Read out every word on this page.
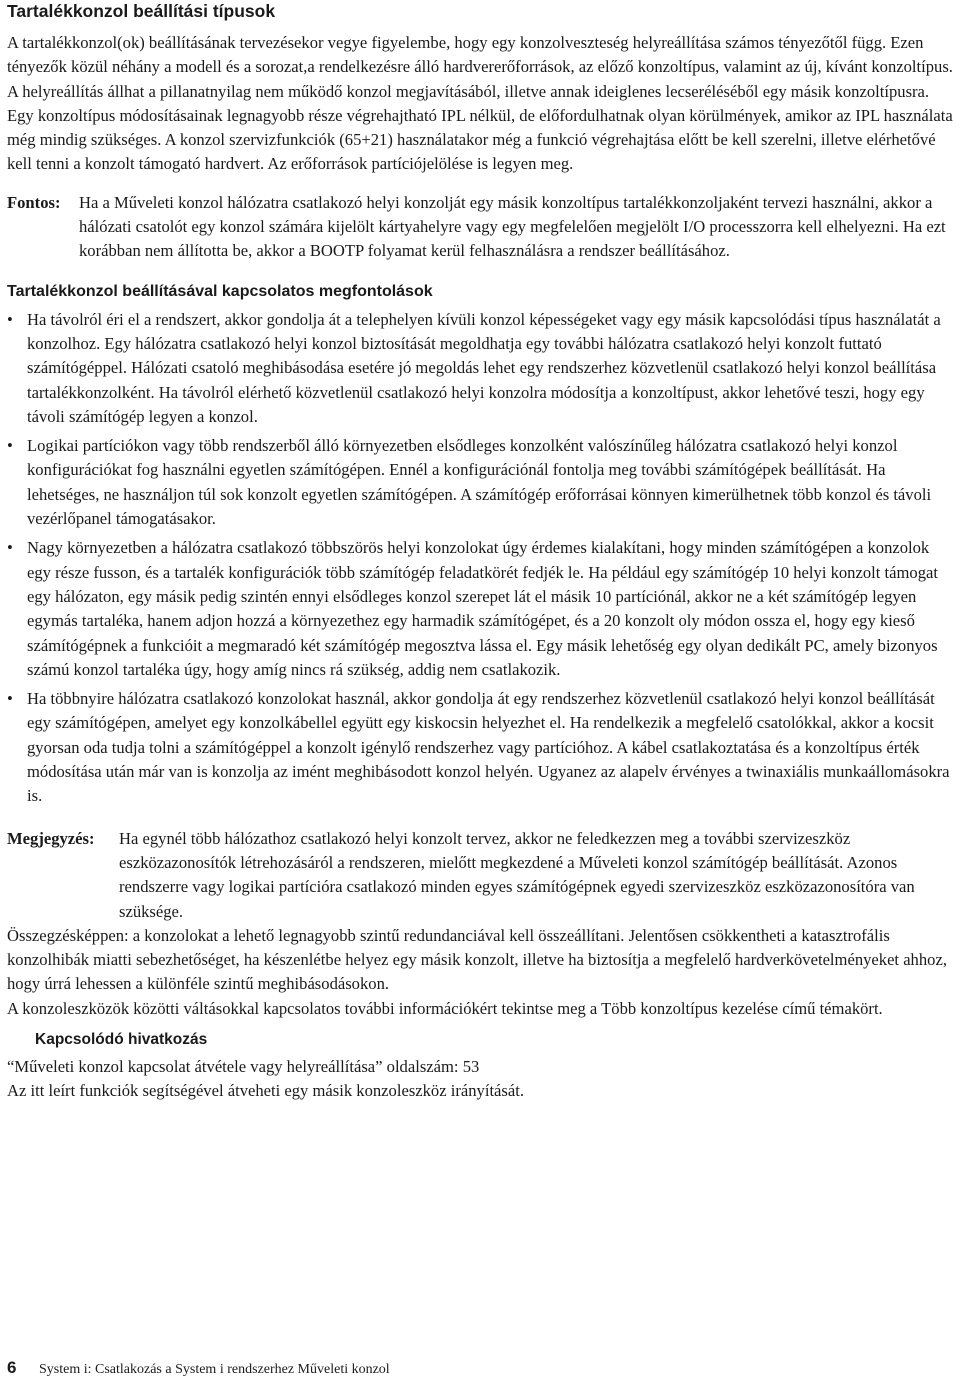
Tartalékkonzol beállítási típusok

A tartalékkonzol(ok) beállításának tervezésekor vegye figyelembe, hogy egy konzolveszteség helyreállítása számos tényezőtől függ. Ezen tényezők közül néhány a modell és a sorozat,a rendelkezésre álló hardvererőforrások, az előző konzoltípus, valamint az új, kívánt konzoltípus. A helyreállítás állhat a pillanatnyilag nem működő konzol megjavításából, illetve annak ideiglenes lecseréléséből egy másik konzoltípusra. Egy konzoltípus módosításainak legnagyobb része végrehajtható IPL nélkül, de előfordulhatnak olyan körülmények, amikor az IPL használata még mindig szükséges. A konzol szervizfunkciók (65+21) használatakor még a funkció végrehajtása előtt be kell szerelni, illetve elérhetővé kell tenni a konzolt támogató hardvert. Az erőforrások partíciójelölése is legyen meg.

Fontos:	Ha a Műveleti konzol hálózatra csatlakozó helyi konzolját egy másik konzoltípus tartalékkonzoljaként tervezi használni, akkor a hálózati csatolót egy konzol számára kijelölt kártyahelyre vagy egy megfelelően megjelölt I/O processzorra kell elhelyezni. Ha ezt korábban nem állította be, akkor a BOOTP folyamat kerül felhasználásra a rendszer beállításához.

Tartalékkonzol beállításával kapcsolatos megfontolások
• Ha távolról éri el a rendszert, akkor gondolja át a telephelyen kívüli konzol képességeket vagy egy másik kapcsolódási típus használatát a konzolhoz. Egy hálózatra csatlakozó helyi konzol biztosítását megoldhatja egy további hálózatra csatlakozó helyi konzolt futtató számítógéppel. Hálózati csatoló meghibásodása esetére jó megoldás lehet egy rendszerhez közvetlenül csatlakozó helyi konzol beállítása tartalékkonzolként. Ha távolról elérhető közvetlenül csatlakozó helyi konzolra módosítja a konzoltípust, akkor lehetővé teszi, hogy egy távoli számítógép legyen a konzol.

• Logikai partíciókon vagy több rendszerből álló környezetben elsődleges konzolként valószínűleg hálózatra csatlakozó helyi konzol konfigurációkat fog használni egyetlen számítógépen. Ennél a konfigurációnál fontolja meg további számítógépek beállítását. Ha lehetséges, ne használjon túl sok konzolt egyetlen számítógépen. A számítógép erőforrásai könnyen kimerülhetnek több konzol és távoli vezérlőpanel támogatásakor.

• Nagy környezetben a hálózatra csatlakozó többszörös helyi konzolokat úgy érdemes kialakítani, hogy minden számítógépen a konzolok egy része fusson, és a tartalék konfigurációk több számítógép feladatkörét fedjék le. Ha például egy számítógép 10 helyi konzolt támogat egy hálózaton, egy másik pedig szintén ennyi elsődleges konzol szerepet lát el másik 10 partíciónál, akkor ne a két számítógép legyen egymás tartaléka, hanem adjon hozzá a környezethez egy harmadik számítógépet, és a 20 konzolt oly módon ossza el, hogy egy kieső számítógépnek a funkcióit a megmaradó két számítógép megosztva lássa el. Egy másik lehetőség egy olyan dedikált PC, amely bizonyos számú konzol tartaléka úgy, hogy amíg nincs rá szükség, addig nem csatlakozik.

• Ha többnyire hálózatra csatlakozó konzolokat használ, akkor gondolja át egy rendszerhez közvetlenül csatlakozó helyi konzol beállítását egy számítógépen, amelyet egy konzolkábellel együtt egy kiskocsin helyezhet el. Ha rendelkezik a megfelelő csatolókkal, akkor a kocsit gyorsan oda tudja tolni a számítógéppel a konzolt igénylő rendszerhez vagy partícióhoz. A kábel csatlakoztatása és a konzoltípus érték módosítása után már van is konzolja az imént meghibásodott konzol helyén. Ugyanez az alapelv érvényes a twinaxiális munkaállomásokra is.

Megjegyzés:	Ha egynél több hálózathoz csatlakozó helyi konzolt tervez, akkor ne feledkezzen meg a további szervizeszköz eszközazonosítók létrehozásáról a rendszeren, mielőtt megkezdené a Műveleti konzol számítógép beállítását. Azonos rendszerre vagy logikai partícióra csatlakozó minden egyes számítógépnek egyedi szervizeszköz eszközazonosítóra van szüksége.

Összegzésképpen: a konzolokat a lehető legnagyobb szintű redundanciával kell összeállítani. Jelentősen csökkentheti a katasztrofális konzolhibák miatti sebezhetőséget, ha készenlétbe helyez egy másik konzolt, illetve ha biztosítja a megfelelő hardverkövetelményeket ahhoz, hogy úrrá lehessen a különféle szintű meghibásodásokon.

A konzoleszközök közötti váltásokkal kapcsolatos további információkért tekintse meg a Több konzoltípus kezelése című témakört.

Kapcsolódó hivatkozás

“Műveleti konzol kapcsolat átvétele vagy helyreállítása” oldalszám: 53

Az itt leírt funkciók segítségével átveheti egy másik konzoleszköz irányítását.

6	System i: Csatlakozás a System i rendszerhez Műveleti konzol
